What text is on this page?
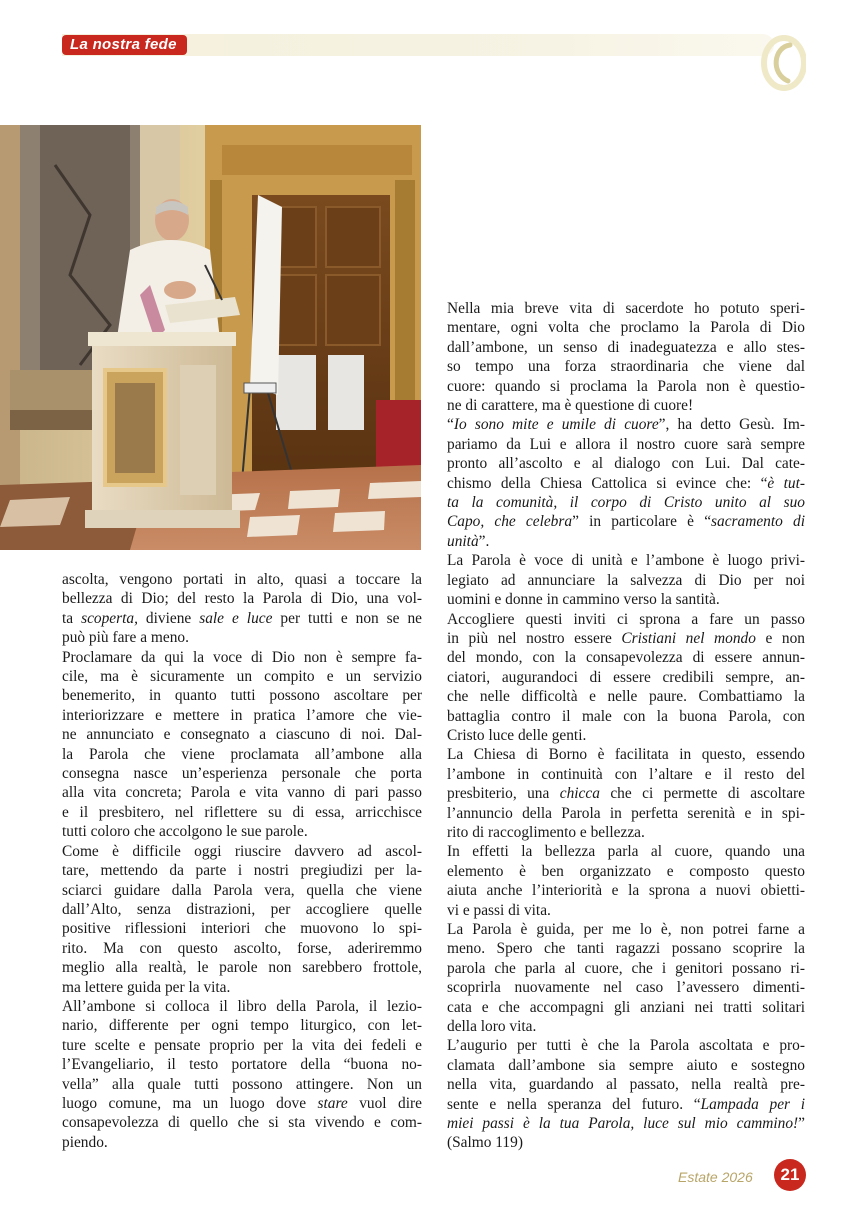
La nostra fede

ascolta, vengono portati in alto, quasi a toccare la
bellezza di Dio; del resto la Parola di Dio, una vol-
ta scoperta, diviene sale e luce per tutti e non se ne
può più fare a meno.

Proclamare da qui la voce di Dio non è sempre fa-
cile, ma è sicuramente un compito e un servizio
benemerito, in quanto tutti possono ascoltare per
interiorizzare e mettere in pratica l’amore che vie-
ne annunciato e consegnato a ciascuno di noi. Dal-
la Parola che viene proclamata all’ambone alla
consegna nasce un’esperienza personale che porta
alla vita concreta; Parola e vita vanno di pari passo
e il presbitero, nel riflettere su di essa, arricchisce
tutti coloro che accolgono le sue parole.

Come è difficile oggi riuscire davvero ad ascol-
tare, mettendo da parte i nostri pregiudizi per la-
sciarci guidare dalla Parola vera, quella che viene
dall’Alto, senza distrazioni, per accogliere quelle
positive riflessioni interiori che muovono lo spi-
rito. Ma con questo ascolto, forse, aderiremmo
meglio alla realtà, le parole non sarebbero frottole,
ma lettere guida per la vita.

All’ambone si colloca il libro della Parola, il lezio-
nario, differente per ogni tempo liturgico, con let-
ture scelte e pensate proprio per la vita dei fedeli e
l’Evangeliario, il testo portatore della “buona no-
vella” alla quale tutti possono attingere. Non un
luogo comune, ma un luogo dove stare vuol dire
consapevolezza di quello che si sta vivendo e com-
piendo.

Nella mia breve vita di sacerdote ho potuto speri-
mentare, ogni volta che proclamo la Parola di Dio
dall’ambone, un senso di inadeguatezza e allo stes-
so tempo una forza straordinaria che viene dal
cuore: quando si proclama la Parola non è questio-
ne di carattere, ma è questione di cuore!

“Io sono mite e umile di cuore”, ha detto Gesù. Im-
pariamo da Lui e allora il nostro cuore sarà sempre
pronto all’ascolto e al dialogo con Lui. Dal cate-
chismo della Chiesa Cattolica si evince che: “è tut-
ta la comunità, il corpo di Cristo unito al suo
Capo, che celebra” in particolare è “sacramento di
unità”.

La Parola è voce di unità e l’ambone è luogo privi-
legiato ad annunciare la salvezza di Dio per noi
uomini e donne in cammino verso la santità.

Accogliere questi inviti ci sprona a fare un passo
in più nel nostro essere Cristiani nel mondo e non
del mondo, con la consapevolezza di essere annun-
ciatori, augurandoci di essere credibili sempre, an-
che nelle difficoltà e nelle paure. Combattiamo la
battaglia contro il male con la buona Parola, con
Cristo luce delle genti.

La Chiesa di Borno è facilitata in questo, essendo
l’ambone in continuità con l’altare e il resto del
presbiterio, una chicca che ci permette di ascoltare
l’annuncio della Parola in perfetta serenità e in spi-
rito di raccoglimento e bellezza.

In effetti la bellezza parla al cuore, quando una
elemento è ben organizzato e composto questo
aiuta anche l’interiorità e la sprona a nuovi obietti-
vi e passi di vita.

La Parola è guida, per me lo è, non potrei farne a
meno. Spero che tanti ragazzi possano scoprire la
parola che parla al cuore, che i genitori possano ri-
scoprirla nuovamente nel caso l’avessero dimenti-
cata e che accompagni gli anziani nei tratti solitari
della loro vita.

L’augurio per tutti è che la Parola ascoltata e pro-
clamata dall’ambone sia sempre aiuto e sostegno
nella vita, guardando al passato, nella realtà pre-
sente e nella speranza del futuro. “Lampada per i
miei passi è la tua Parola, luce sul mio cammino!”
(Salmo 119)

Estate 2026	21
